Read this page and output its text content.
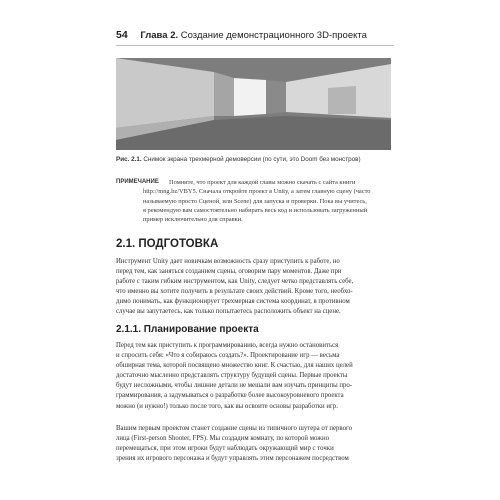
54 Глава 2. Создание демонстрационного 3D-проекта
Рис. 2.1. Снимок экрана трехмерной демоверсии (по сути, это Doom без монстров)
ПРИМЕЧАНИЕ	Помните, что проект для каждой главы можно скачать с сайта книги
http://mng.bz/VBY5. Сначала откройте проект в Unity, а затем главную сцену (часто
называемую просто Сценой, или Scene) для запуска и проверки. Пока вы учитесь,
я рекомендую вам самостоятельно набирать весь код и использовать загруженный
пример исключительно для справки.
2.1. ПОДГОТОВКА
Инструмент Unity дает новичкам возможность сразу приступить к работе, но
перед тем, как заняться созданием сцены, оговорим пару моментов. Даже при
работе с таким гибким инструментом, как Unity, следует четко представлять себе,
что именно вы хотите получить в результате своих действий. Кроме того, необхо-
димо понимать, как функционирует трехмерная система координат, в противном
случае вы запутаетесь, как только попытаетесь расположить объект на сцене.
2.1.1. Планирование проекта
Перед тем как приступить к программированию, всегда нужно остановиться
и спросить себя: «Что я собираюсь создать?». Проектирование игр — весьма
обширная тема, которой посвящено множество книг. К счастью, для наших целей
достаточно мысленно представлять структуру будущей сцены. Первые проекты
будут несложными, чтобы лишние детали не мешали вам изучать принципы про-
граммирования, а задумываться о разработке более высокоуровневого проекта
можно (и нужно!) только после того, как вы освоите основы разработки игр.
Вашим первым проектом станет создание сцены из типичного шутера от первого
лица (First-person Shooter, FPS). Мы создадим комнату, по которой можно
перемещаться, при этом игроки будут наблюдать окружающий мир с точки
зрения их игрового персонажа и будут управлять этим персонажем посредством
